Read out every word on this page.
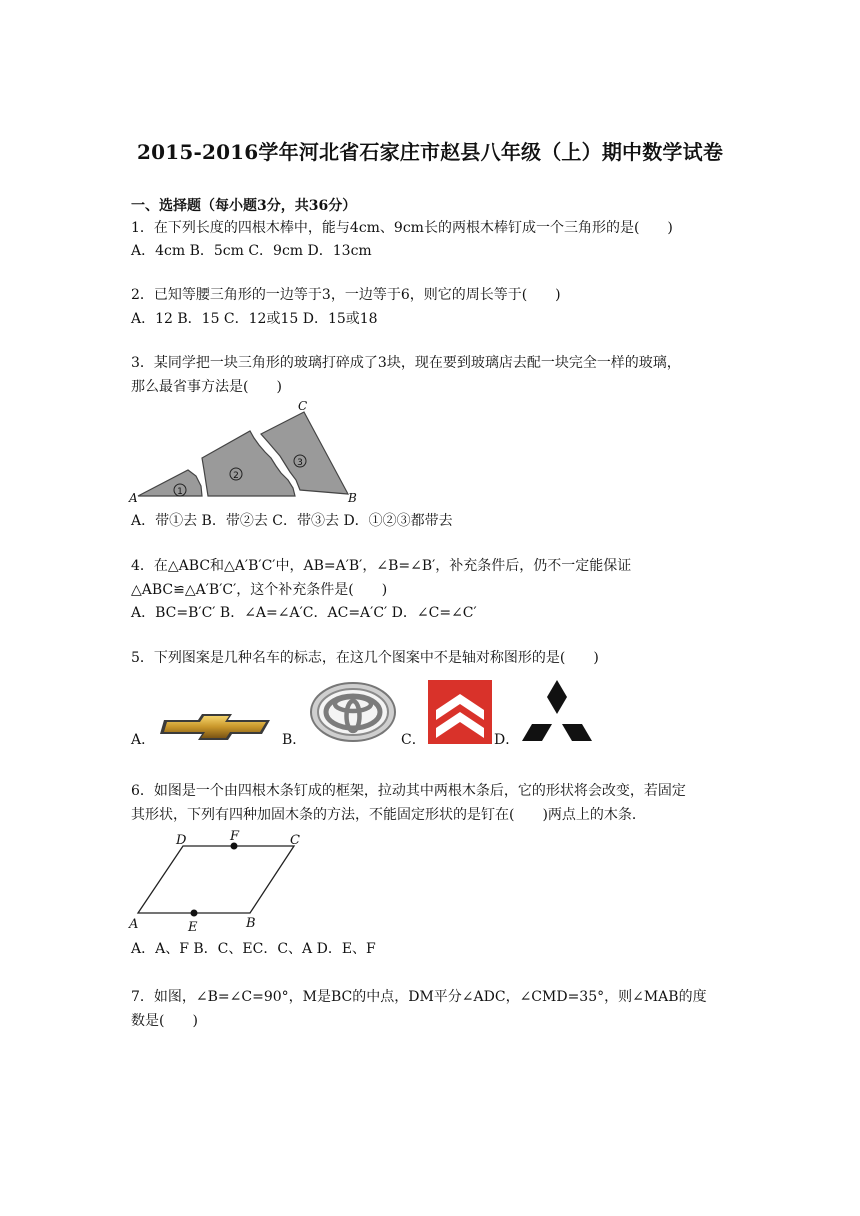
2015-2016学年河北省石家庄市赵县八年级（上）期中数学试卷
一、选择题（每小题3分，共36分）
1．在下列长度的四根木棒中，能与4cm、9cm长的两根木棒钉成一个三角形的是(　　)
A．4cm B．5cm C．9cm D．13cm
2．已知等腰三角形的一边等于3，一边等于6，则它的周长等于(　　)
A．12 B．15 C．12或15 D．15或18
3．某同学把一块三角形的玻璃打碎成了3块，现在要到玻璃店去配一块完全一样的玻璃，
那么最省事方法是(　　)
1
2
3
A	B
C
A．带①去 B．带②去 C．带③去 D．①②③都带去
4．在△ABC和△A′B′C′中，AB=A′B′，∠B=∠B′，补充条件后，仍不一定能保证
△ABC≌△A′B′C′，这个补充条件是(　　)
A．BC=B′C′ B．∠A=∠A′C．AC=A′C′ D．∠C=∠C′
5．下列图案是几种名车的标志，在这几个图案中不是轴对称图形的是(　　)
A．	B．	C．	D．
6．如图是一个由四根木条钉成的框架，拉动其中两根木条后，它的形状将会改变，若固定
其形状，下列有四种加固木条的方法，不能固定形状的是钉在(　　)两点上的木条．
A	B
C
D
E
F
A．A、F B．C、EC．C、A D．E、F
7．如图，∠B=∠C=90°，M是BC的中点，DM平分∠ADC，∠CMD=35°，则∠MAB的度
数是(　　)
